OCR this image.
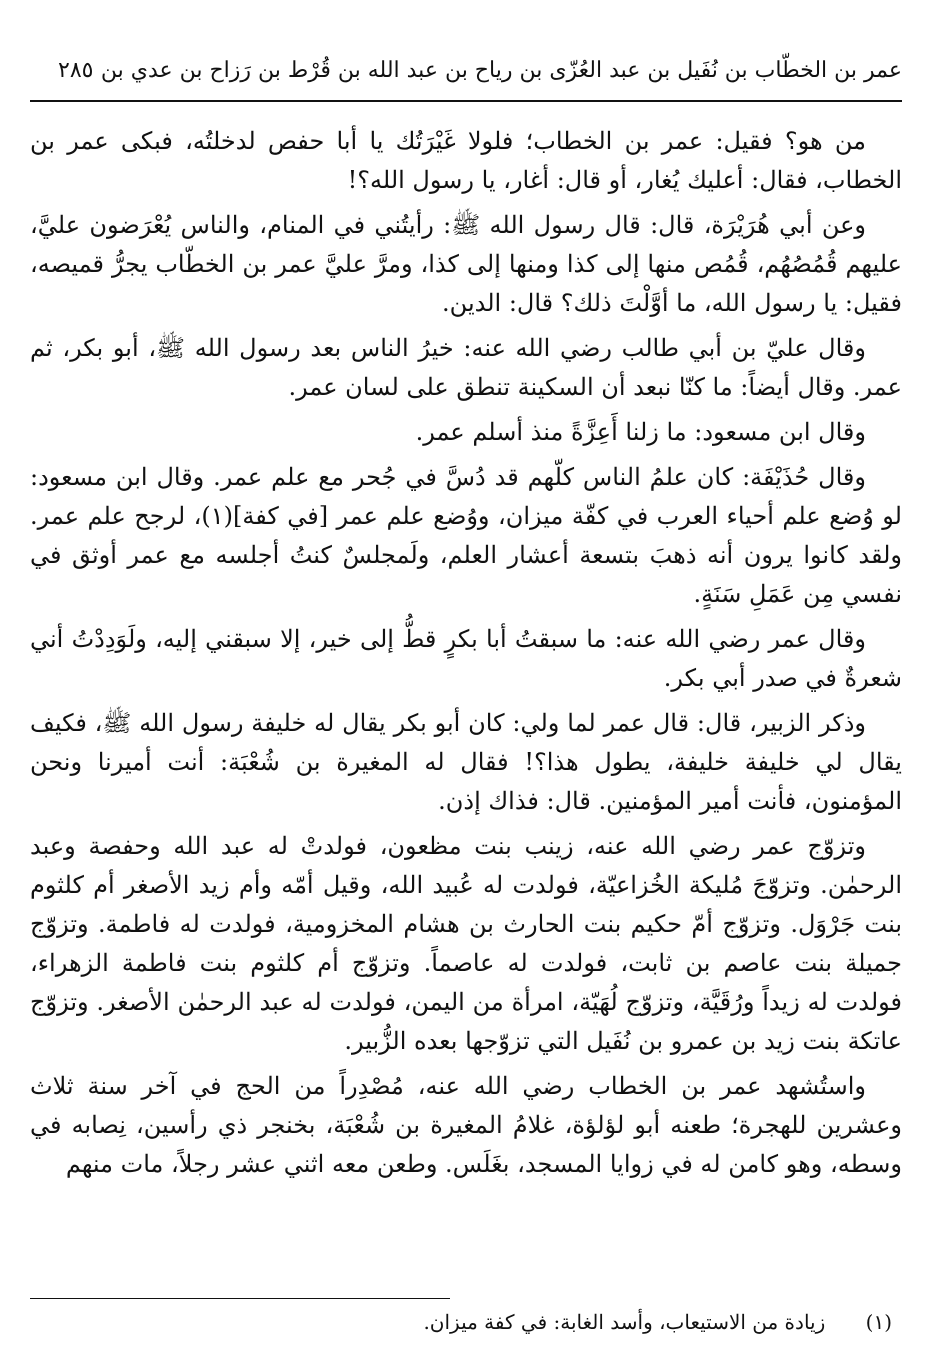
عمر بن الخطّاب بن نُفَيل بن عبد العُزّى بن رياح بن عبد الله بن قُرْط بن رَزاح بن عدي بن
٢٨٥

من هو؟ فقيل: عمر بن الخطاب؛ فلولا غَيْرَتُك يا أبا حفص لدخلتُه، فبكى عمر بن الخطاب، فقال: أعليك يُغار، أو قال: أغار، يا رسول الله؟!

وعن أبي هُرَيْرَة، قال: قال رسول الله ﷺ: رأيتُني في المنام، والناس يُعْرَضون عليَّ، عليهم قُمُصُهُم، قُمُص منها إلى كذا ومنها إلى كذا، ومرَّ عليَّ عمر بن الخطّاب يجرُّ قميصه، فقيل: يا رسول الله، ما أوَّلْتَ ذلك؟ قال: الدين.

وقال عليّ بن أبي طالب رضي الله عنه: خيرُ الناس بعد رسول الله ﷺ، أبو بكر، ثم عمر. وقال أيضاً: ما كنّا نبعد أن السكينة تنطق على لسان عمر.

وقال ابن مسعود: ما زلنا أَعِزَّةً منذ أسلم عمر.

وقال حُذَيْفَة: كان علمُ الناس كلّهم قد دُسَّ في جُحر مع علم عمر. وقال ابن مسعود: لو وُضع علم أحياء العرب في كفّة ميزان، ووُضع علم عمر [في كفة](١)، لرجح علم عمر. ولقد كانوا يرون أنه ذهبَ بتسعة أعشار العلم، ولَمجلسٌ كنتُ أجلسه مع عمر أوثق في نفسي مِن عَمَلِ سَنَةٍ.

وقال عمر رضي الله عنه: ما سبقتُ أبا بكرٍ قطُّ إلى خير، إلا سبقني إليه، ولَوَدِدْتُ أني شعرةٌ في صدر أبي بكر.

وذكر الزبير، قال: قال عمر لما ولي: كان أبو بكر يقال له خليفة رسول الله ﷺ، فكيف يقال لي خليفة خليفة، يطول هذا؟! فقال له المغيرة بن شُعْبَة: أنت أميرنا ونحن المؤمنون، فأنت أمير المؤمنين. قال: فذاك إذن.

وتزوّج عمر رضي الله عنه، زينب بنت مظعون، فولدتْ له عبد الله وحفصة وعبد الرحمٰن. وتزوّجَ مُليكة الخُزاعيّة، فولدت له عُبيد الله، وقيل أمّه وأم زيد الأصغر أم كلثوم بنت جَرْوَل. وتزوّج أمّ حكيم بنت الحارث بن هشام المخزومية، فولدت له فاطمة. وتزوّج جميلة بنت عاصم بن ثابت، فولدت له عاصماً. وتزوّج أم كلثوم بنت فاطمة الزهراء، فولدت له زيداً ورُقَيَّة، وتزوّج لُهَيّة، امرأة من اليمن، فولدت له عبد الرحمٰن الأصغر. وتزوّج عاتكة بنت زيد بن عمرو بن نُفَيل التي تزوّجها بعده الزُّبير.

واستُشهد عمر بن الخطاب رضي الله عنه، مُصْدِراً من الحج في آخر سنة ثلاث وعشرين للهجرة؛ طعنه أبو لؤلؤة، غلامُ المغيرة بن شُعْبَة، بخنجر ذي رأسين، نِصابه في وسطه، وهو كامن له في زوايا المسجد، بغَلَس. وطعن معه اثني عشر رجلاً، مات منهم

(١) زيادة من الاستيعاب، وأسد الغابة: في كفة ميزان.
